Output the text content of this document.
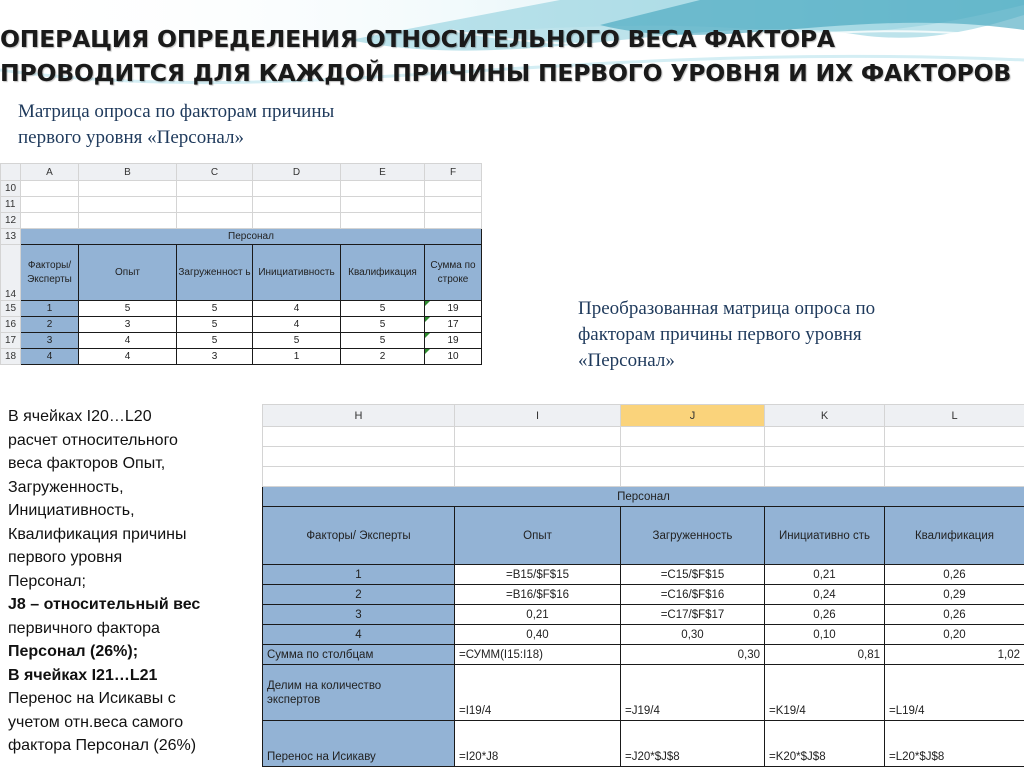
ОПЕРАЦИЯ ОПРЕДЕЛЕНИЯ ОТНОСИТЕЛЬНОГО ВЕСА ФАКТОРА
ПРОВОДИТСЯ ДЛЯ КАЖДОЙ ПРИЧИНЫ ПЕРВОГО УРОВНЯ И ИХ ФАКТОРОВ
Матрица опроса по факторам причины
первого уровня «Персонал»
Преобразованная матрица опроса по
факторам причины первого уровня
«Персонал»
	A	B	C	D	E	F
10						
11						
12						
13	Персонал					
14	Факторы/ Эксперты	Опыт	Загруженност ь	Инициативность	Квалификация	Сумма по строке
15	1	5	5	4	5	19
16	2	3	5	4	5	17
17	3	4	5	5	5	19
18	4	4	3	1	2	10
В ячейках I20…L20
расчет относительного
веса факторов Опыт,
Загруженность,
Инициативность,
Квалификация причины
первого уровня
Персонал;
J8 – относительный вес
первичного фактора
Персонал (26%);
В ячейках I21…L21
Перенос на Исикавы с
учетом отн.веса самого
фактора Персонал (26%)
H	I	J	K	L

Персонал				
Факторы/ Эксперты	Опыт	Загруженность	Инициативно сть	Квалификация
1	=B15/$F$15	=C15/$F$15	0,21	0,26
2	=B16/$F$16	=C16/$F$16	0,24	0,29
3	0,21	=C17/$F$17	0,26	0,26
4	0,40	0,30	0,10	0,20
Сумма по столбцам	=СУММ(I15:I18)	0,30	0,81	1,02
Делим на количество экспертов	=I19/4	=J19/4	=K19/4	=L19/4
Перенос на Исикаву	=I20*J8	=J20*$J$8	=K20*$J$8	=L20*$J$8
